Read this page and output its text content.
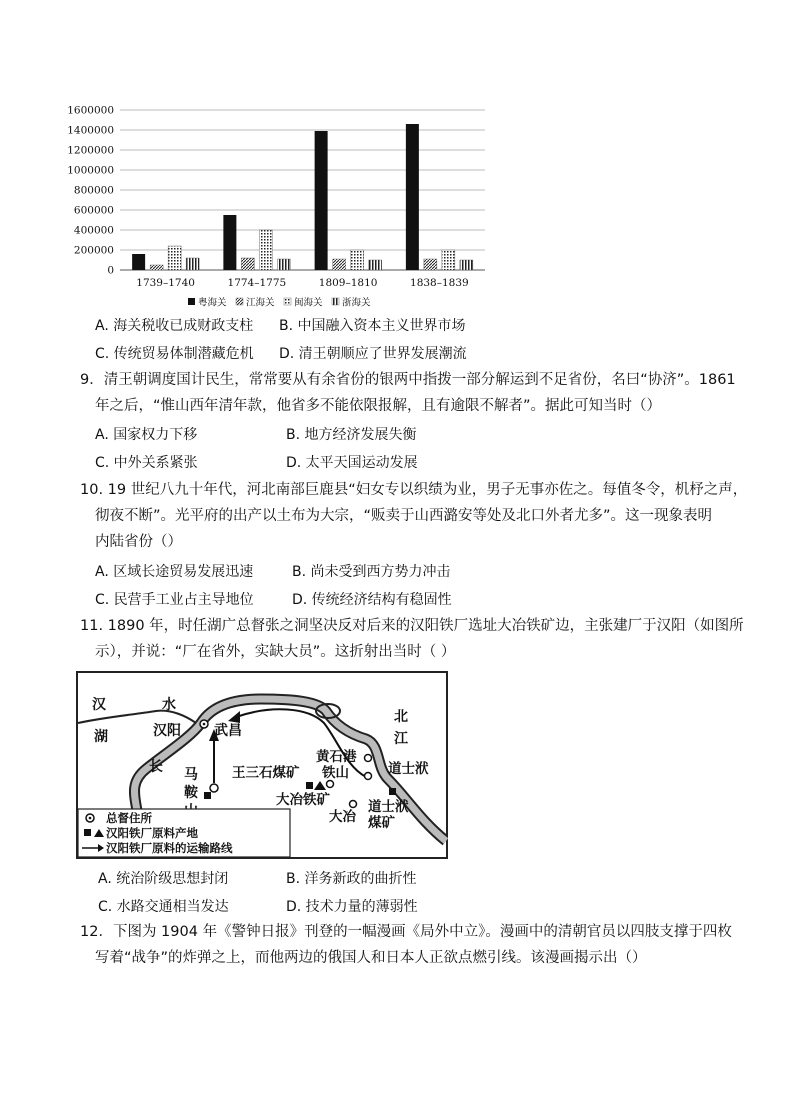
0
200000
400000
600000
800000
1000000
1200000
1400000
1600000
1739–1740	1774–1775	1809–1810	1838–1839
粤海关 江海关 闽海关 浙海关
A. 海关税收已成财政支柱 B. 中国融入资本主义世界市场
C. 传统贸易体制潜藏危机 D. 清王朝顺应了世界发展潮流
9．清王朝调度国计民生，常常要从有余省份的银两中指拨一部分解运到不足省份，名曰“协济”。1861
年之后，“惟山西年清年款，他省多不能依限报解，且有逾限不解者”。据此可知当时（）
A. 国家权力下移	B. 地方经济发展失衡
C. 中外关系紧张	D. 太平天国运动发展
10. 19 世纪八九十年代，河北南部巨鹿县“妇女专以织绩为业，男子无事亦佐之。每值冬令，机杼之声，
彻夜不断”。光平府的出产以土布为大宗，“贩卖于山西潞安等处及北口外者尤多”。这一现象表明
内陆省份（）
A. 区域长途贸易发展迅速	B. 尚未受到西方势力冲击
C. 民营手工业占主导地位	D. 传统经济结构有稳固性
11. 1890 年，时任湖广总督张之洞坚决反对后来的汉阳铁厂选址大冶铁矿边，主张建厂于汉阳（如图所
示），并说：“厂在省外，实缺大员”。这折射出当时（ ）
汉	水
湖	汉阳 武昌
长 马
鞍
王三石煤矿
黄石港
铁山
北
江
道士洑
大冶铁矿
大冶
道士洑
煤矿
总督住所
汉阳铁厂原料产地
汉阳铁厂原料的运输路线
A. 统治阶级思想封闭	B. 洋务新政的曲折性
C. 水路交通相当发达	D. 技术力量的薄弱性
12．下图为 1904 年《警钟日报》刊登的一幅漫画《局外中立》。漫画中的清朝官员以四肢支撑于四枚
写着“战争”的炸弹之上，而他两边的俄国人和日本人正欲点燃引线。该漫画揭示出（）
